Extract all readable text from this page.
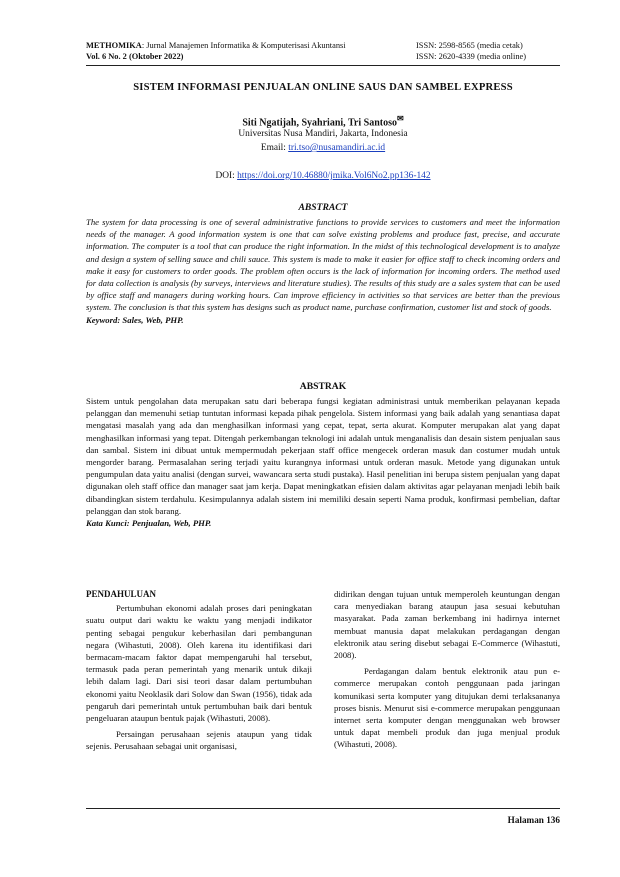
METHOMIKA: Jurnal Manajemen Informatika & Komputerisasi Akuntansi
Vol. 6 No. 2 (Oktober 2022)
ISSN: 2598-8565 (media cetak)
ISSN: 2620-4339 (media online)
SISTEM INFORMASI PENJUALAN ONLINE SAUS DAN SAMBEL EXPRESS
Siti Ngatijah, Syahriani, Tri Santoso✉
Universitas Nusa Mandiri, Jakarta, Indonesia
Email: tri.tso@nusamandiri.ac.id
DOI: https://doi.org/10.46880/jmika.Vol6No2.pp136-142
ABSTRACT
The system for data processing is one of several administrative functions to provide services to customers and meet the information needs of the manager. A good information system is one that can solve existing problems and produce fast, precise, and accurate information. The computer is a tool that can produce the right information. In the midst of this technological development is to analyze and design a system of selling sauce and chili sauce. This system is made to make it easier for office staff to check incoming orders and make it easy for customers to order goods. The problem often occurs is the lack of information for incoming orders. The method used for data collection is analysis (by surveys, interviews and literature studies). The results of this study are a sales system that can be used by office staff and managers during working hours. Can improve efficiency in activities so that services are better than the previous system. The conclusion is that this system has designs such as product name, purchase confirmation, customer list and stock of goods.
Keyword: Sales, Web, PHP.
ABSTRAK
Sistem untuk pengolahan data merupakan satu dari beberapa fungsi kegiatan administrasi untuk memberikan pelayanan kepada pelanggan dan memenuhi setiap tuntutan informasi kepada pihak pengelola. Sistem informasi yang baik adalah yang senantiasa dapat mengatasi masalah yang ada dan menghasilkan informasi yang cepat, tepat, serta akurat. Komputer merupakan alat yang dapat menghasilkan informasi yang tepat. Ditengah perkembangan teknologi ini adalah untuk menganalisis dan desain sistem penjualan saus dan sambal. Sistem ini dibuat untuk mempermudah pekerjaan staff office mengecek orderan masuk dan costumer mudah untuk mengorder barang. Permasalahan sering terjadi yaitu kurangnya informasi untuk orderan masuk. Metode yang digunakan untuk pengumpulan data yaitu analisi (dengan survei, wawancara serta studi pustaka). Hasil penelitian ini berupa sistem penjualan yang dapat digunakan oleh staff office dan manager saat jam kerja. Dapat meningkatkan efisien dalam aktivitas agar pelayanan menjadi lebih baik dibandingkan sistem terdahulu. Kesimpulannya adalah sistem ini memiliki desain seperti Nama produk, konfirmasi pembelian, daftar pelanggan dan stok barang.
Kata Kunci: Penjualan, Web, PHP.
PENDAHULUAN

Pertumbuhan ekonomi adalah proses dari peningkatan suatu output dari waktu ke waktu yang menjadi indikator penting sebagai pengukur keberhasilan dari pembangunan negara (Wihastuti, 2008). Oleh karena itu identifikasi dari bermacam-macam faktor dapat mempengaruhi hal tersebut, termasuk pada peran pemerintah yang menarik untuk dikaji lebih dalam lagi. Dari sisi teori dasar dalam pertumbuhan ekonomi yaitu Neoklasik dari Solow dan Swan (1956), tidak ada pengaruh dari pemerintah untuk pertumbuhan baik dari bentuk pengeluaran ataupun bentuk pajak (Wihastuti, 2008).

Persaingan perusahaan sejenis ataupun yang tidak sejenis. Perusahaan sebagai unit organisasi,

didirikan dengan tujuan untuk memperoleh keuntungan dengan cara menyediakan barang ataupun jasa sesuai kebutuhan masyarakat. Pada zaman berkembang ini hadirnya internet membuat manusia dapat melakukan perdagangan dengan elektronik atau sering disebut sebagai E-Commerce (Wihastuti, 2008).

Perdagangan dalam bentuk elektronik atau pun e-commerce merupakan contoh penggunaan pada jaringan komunikasi serta komputer yang ditujukan demi terlaksananya proses bisnis. Menurut sisi e-commerce merupakan penggunaan internet serta komputer dengan menggunakan web browser untuk dapat membeli produk dan juga menjual produk (Wihastuti, 2008).

Halaman 136
